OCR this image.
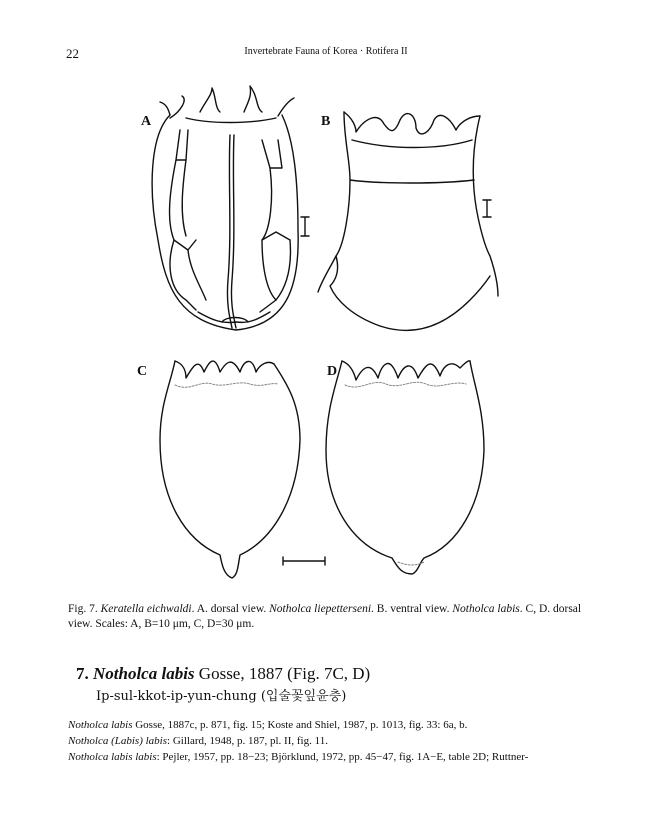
22	Invertebrate Fauna of Korea · Rotifera II
A	B
C	D
Fig. 7. Keratella eichwaldi. A. dorsal view. Notholca liepetterseni. B. ventral view. Notholca labis. C, D. dorsal view. Scales: A, B=10 μm, C, D=30 μm.
7. Notholca labis Gosse, 1887 (Fig. 7C, D)
Ip-sul-kkot-ip-yun-chung (입술꽃잎윤충)
Notholca labis Gosse, 1887c, p. 871, fig. 15; Koste and Shiel, 1987, p. 1013, fig. 33: 6a, b.
Notholca (Labis) labis: Gillard, 1948, p. 187, pl. II, fig. 11.
Notholca labis labis: Pejler, 1957, pp. 18−23; Björklund, 1972, pp. 45−47, fig. 1A−E, table 2D; Ruttner-
